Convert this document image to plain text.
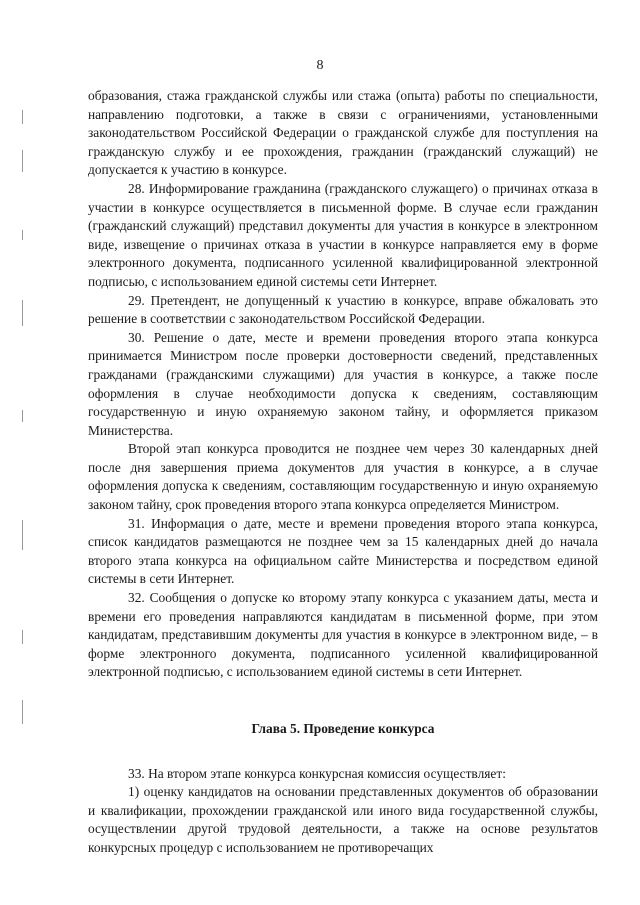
8

образования, стажа гражданской службы или стажа (опыта) работы по специальности, направлению подготовки, а также в связи с ограничениями, установленными законодательством Российской Федерации о гражданской службе для поступления на гражданскую службу и ее прохождения, гражданин (гражданский служащий) не допускается к участию в конкурсе.

28. Информирование гражданина (гражданского служащего) о причинах отказа в участии в конкурсе осуществляется в письменной форме. В случае если гражданин (гражданский служащий) представил документы для участия в конкурсе в электронном виде, извещение о причинах отказа в участии в конкурсе направляется ему в форме электронного документа, подписанного усиленной квалифицированной электронной подписью, с использованием единой системы сети Интернет.

29. Претендент, не допущенный к участию в конкурсе, вправе обжаловать это решение в соответствии с законодательством Российской Федерации.

30. Решение о дате, месте и времени проведения второго этапа конкурса принимается Министром после проверки достоверности сведений, представленных гражданами (гражданскими служащими) для участия в конкурсе, а также после оформления в случае необходимости допуска к сведениям, составляющим государственную и иную охраняемую законом тайну, и оформляется приказом Министерства.

Второй этап конкурса проводится не позднее чем через 30 календарных дней после дня завершения приема документов для участия в конкурсе, а в случае оформления допуска к сведениям, составляющим государственную и иную охраняемую законом тайну, срок проведения второго этапа конкурса определяется Министром.

31. Информация о дате, месте и времени проведения второго этапа конкурса, список кандидатов размещаются не позднее чем за 15 календарных дней до начала второго этапа конкурса на официальном сайте Министерства и посредством единой системы в сети Интернет.

32. Сообщения о допуске ко второму этапу конкурса с указанием даты, места и времени его проведения направляются кандидатам в письменной форме, при этом кандидатам, представившим документы для участия в конкурсе в электронном виде, – в форме электронного документа, подписанного усиленной квалифицированной электронной подписью, с использованием единой системы в сети Интернет.

Глава 5. Проведение конкурса

33. На втором этапе конкурса конкурсная комиссия осуществляет:

1) оценку кандидатов на основании представленных документов об образовании и квалификации, прохождении гражданской или иного вида государственной службы, осуществлении другой трудовой деятельности, а также на основе результатов конкурсных процедур с использованием не противоречащих
